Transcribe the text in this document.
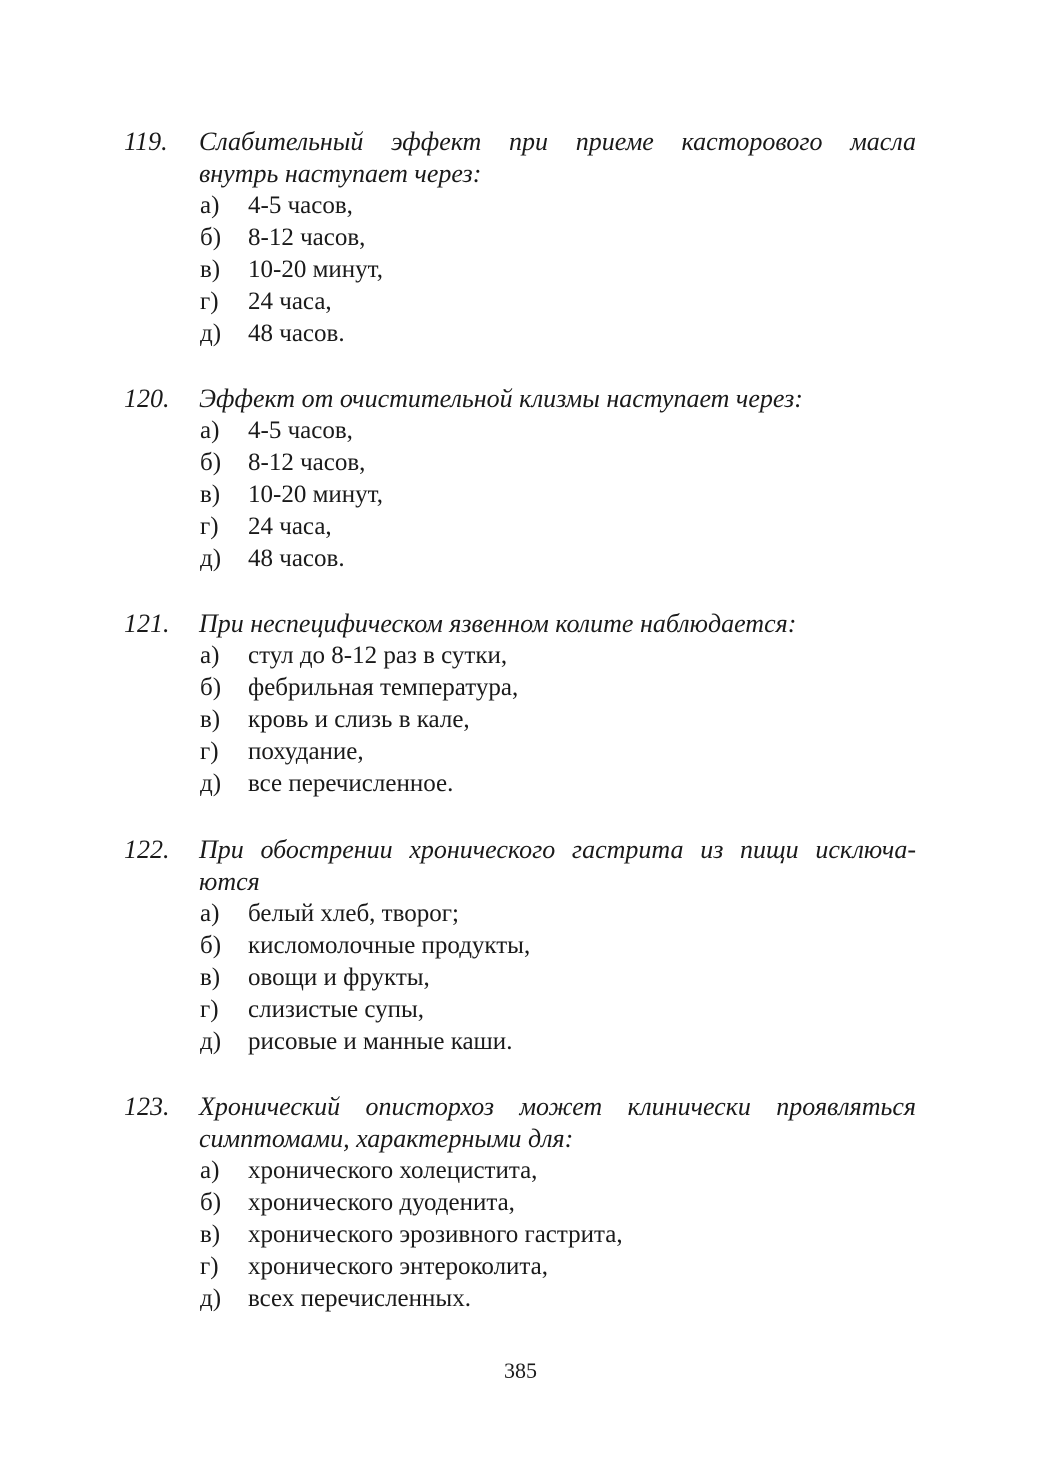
119. Слабительный эффект при приеме касторового масла
внутрь наступает через:
а) 4-5 часов,
б) 8-12 часов,
в) 10-20 минут,
г) 24 часа,
д) 48 часов.
120. Эффект от очистительной клизмы наступает через:
а) 4-5 часов,
б) 8-12 часов,
в) 10-20 минут,
г) 24 часа,
д) 48 часов.
121. При неспецифическом язвенном колите наблюдается:
а) стул до 8-12 раз в сутки,
б) фебрильная температура,
в) кровь и слизь в кале,
г) похудание,
д) все перечисленное.
122. При обострении хронического гастрита из пищи исключа-
ются
а) белый хлеб, творог;
б) кисломолочные продукты,
в) овощи и фрукты,
г) слизистые супы,
д) рисовые и манные каши.
123. Хронический описторхоз может клинически проявляться
симптомами, характерными для:
а) хронического холецистита,
б) хронического дуоденита,
в) хронического эрозивного гастрита,
г) хронического энтероколита,
д) всех перечисленных.
385
